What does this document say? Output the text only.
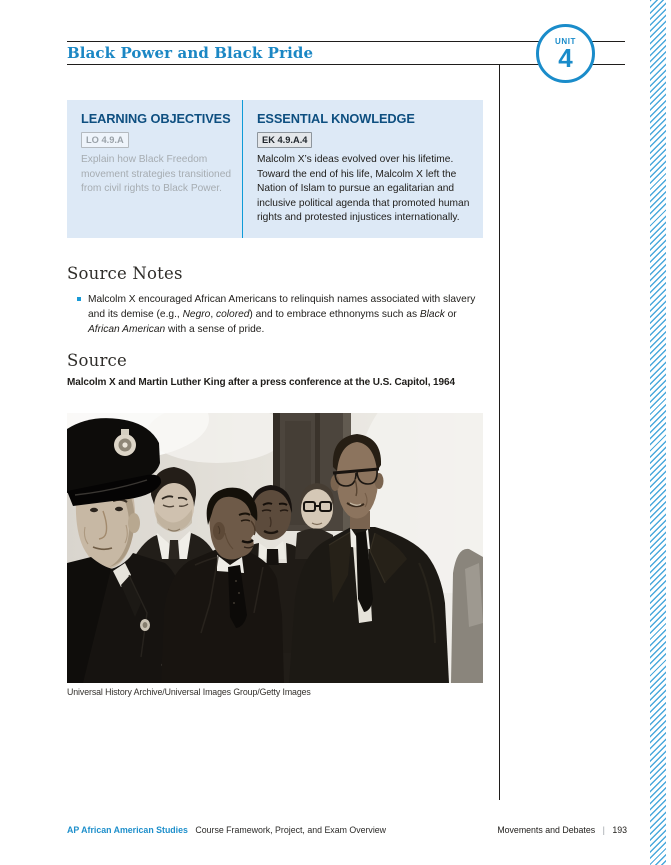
Black Power and Black Pride
UNIT
4
LEARNING OBJECTIVES
LO 4.9.A

Explain how Black Freedom movement strategies transitioned from civil rights to Black Power.

ESSENTIAL KNOWLEDGE
EK 4.9.A.4

Malcolm X’s ideas evolved over his lifetime. Toward the end of his life, Malcolm X left the Nation of Islam to pursue an egalitarian and inclusive political agenda that promoted human rights and protested injustices internationally.

Source Notes

Malcolm X encouraged African Americans to relinquish names associated with slavery and its demise (e.g., Negro, colored) and to embrace ethnonyms such as Black or African American with a sense of pride.

Source

Malcolm X and Martin Luther King after a press conference at the U.S. Capitol, 1964

Universal History Archive/Universal Images Group/Getty Images

AP African American Studies Course Framework, Project, and Exam Overview	Movements and Debates | 193
